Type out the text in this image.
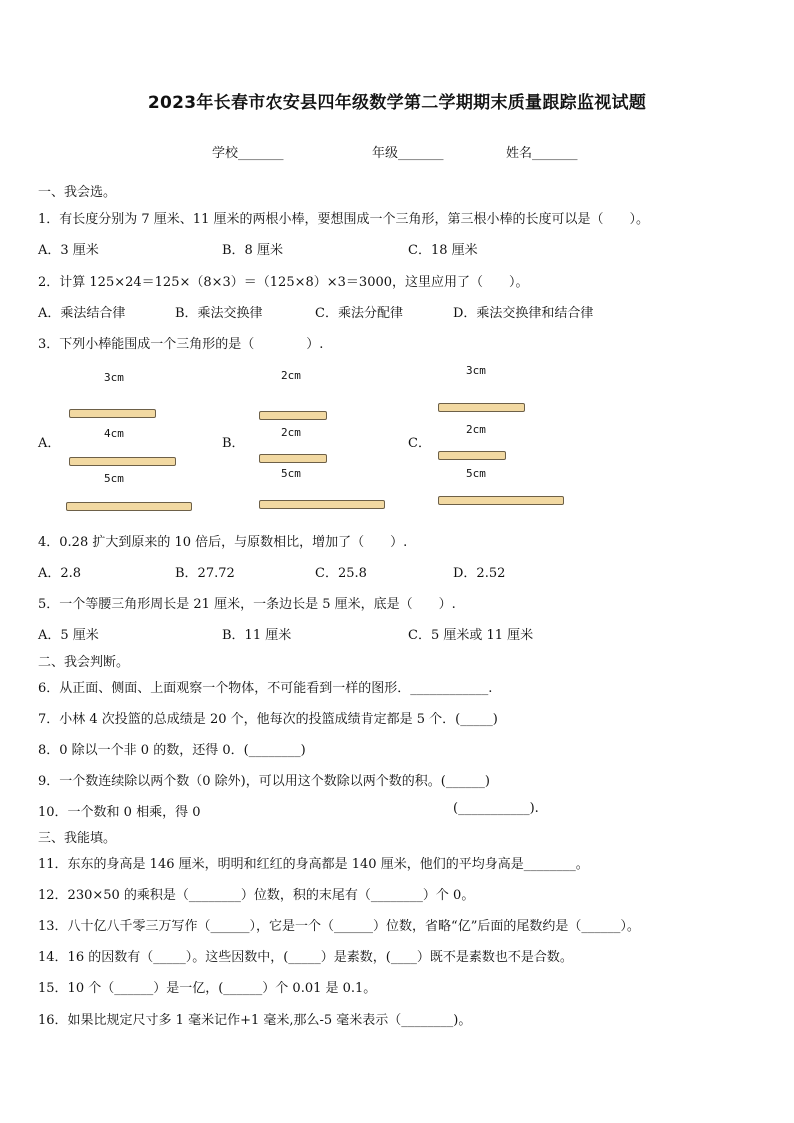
2023年长春市农安县四年级数学第二学期期末质量跟踪监视试题
学校_______	年级_______	姓名_______
一、我会选。
1．有长度分别为 7 厘米、11 厘米的两根小棒，要想围成一个三角形，第三根小棒的长度可以是（　　）。
A．3 厘米	B．8 厘米	C．18 厘米
2．计算 125×24＝125×（8×3）＝（125×8）×3＝3000，这里应用了（　　）。
A．乘法结合律	B．乘法交换律	C．乘法分配律	D．乘法交换律和结合律
3．下列小棒能围成一个三角形的是（　　　　）.
A．
3cm
4cm
5cm
B．
2cm
2cm
5cm
C．
3cm
2cm
5cm
4．0.28 扩大到原来的 10 倍后，与原数相比，增加了（　　）.
A．2.8	B．27.72	C．25.8	D．2.52
5．一个等腰三角形周长是 21 厘米，一条边长是 5 厘米，底是（　　）.
A．5 厘米	B．11 厘米	C．5 厘米或 11 厘米
二、我会判断。
6．从正面、侧面、上面观察一个物体，不可能看到一样的图形．____________.
7．小林 4 次投篮的总成绩是 20 个，他每次的投篮成绩肯定都是 5 个．(_____)
8．0 除以一个非 0 的数，还得 0．(________)
9．一个数连续除以两个数（0 除外)，可以用这个数除以两个数的积。(______)
10．一个数和 0 相乘，得 0	(___________).
三、我能填。
11．东东的身高是 146 厘米，明明和红红的身高都是 140 厘米，他们的平均身高是________。
12．230×50 的乘积是（________）位数，积的末尾有（________）个 0。
13．八十亿八千零三万写作（______），它是一个（______）位数，省略“亿”后面的尾数约是（______）。
14．16 的因数有（_____）。这些因数中，(_____）是素数，(____）既不是素数也不是合数。
15．10 个（______）是一亿，(______）个 0.01 是 0.1。
16．如果比规定尺寸多 1 毫米记作+1 毫米,那么-5 毫米表示（________)。
